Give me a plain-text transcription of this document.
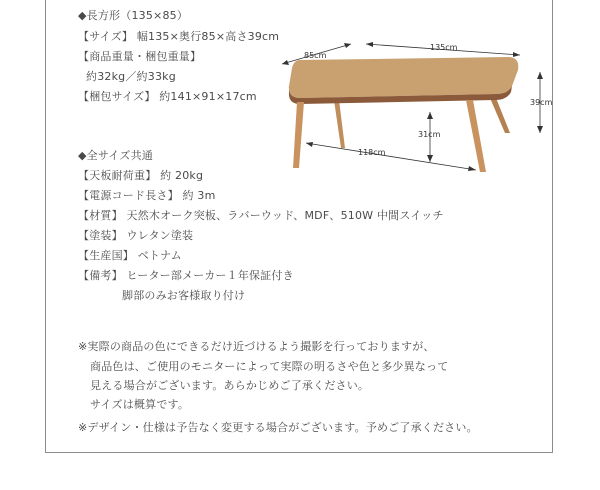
85cm
135cm
39cm
31cm
118cm
◆長方形（135×85）
【サイズ】 幅135×奥行85×高さ39cm
【商品重量・梱包重量】
約32kg／約33kg
【梱包サイズ】 約141×91×17cm
◆全サイズ共通
【天板耐荷重】 約 20kg
【電源コード長さ】 約 3m
【材質】 天然木オーク突板、ラバーウッド、MDF、510W 中間スイッチ
【塗装】 ウレタン塗装
【生産国】 ベトナム
【備考】 ヒーター部メーカー１年保証付き
脚部のみお客様取り付け
※実際の商品の色にできるだけ近づけるよう撮影を行っておりますが、
商品色は、ご使用のモニターによって実際の明るさや色と多少異なって
見える場合がございます。あらかじめご了承ください。
サイズは概算です。
※デザイン・仕様は予告なく変更する場合がございます。予めご了承ください。
